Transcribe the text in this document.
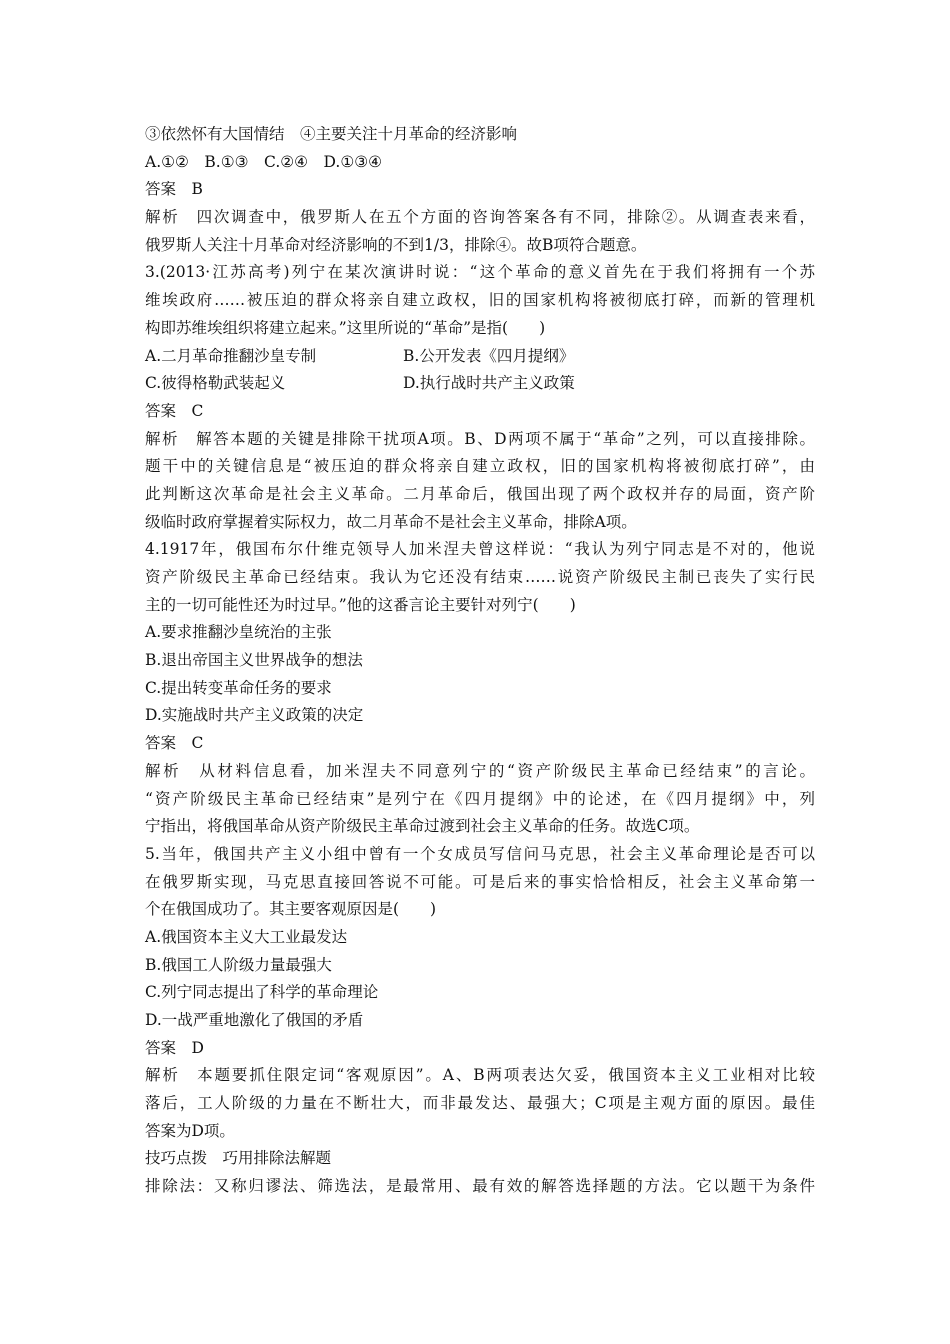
③依然怀有大国情结　④主要关注十月革命的经济影响
A.①②　B.①③　C.②④　D.①③④
答案　B
解析　四次调查中，俄罗斯人在五个方面的咨询答案各有不同，排除②。从调查表来看，
俄罗斯人关注十月革命对经济影响的不到1/3，排除④。故B项符合题意。
3.(2013·江苏高考)列宁在某次演讲时说：“这个革命的意义首先在于我们将拥有一个苏
维埃政府……被压迫的群众将亲自建立政权，旧的国家机构将被彻底打碎，而新的管理机
构即苏维埃组织将建立起来。”这里所说的“革命”是指(　　)
A.二月革命推翻沙皇专制	B.公开发表《四月提纲》
C.彼得格勒武装起义	D.执行战时共产主义政策
答案　C
解析　解答本题的关键是排除干扰项A项。B、D两项不属于“革命”之列，可以直接排除。
题干中的关键信息是“被压迫的群众将亲自建立政权，旧的国家机构将被彻底打碎”，由
此判断这次革命是社会主义革命。二月革命后，俄国出现了两个政权并存的局面，资产阶
级临时政府掌握着实际权力，故二月革命不是社会主义革命，排除A项。
4.1917年，俄国布尔什维克领导人加米涅夫曾这样说：“我认为列宁同志是不对的，他说
资产阶级民主革命已经结束。我认为它还没有结束……说资产阶级民主制已丧失了实行民
主的一切可能性还为时过早。”他的这番言论主要针对列宁(　　)
A.要求推翻沙皇统治的主张
B.退出帝国主义世界战争的想法
C.提出转变革命任务的要求
D.实施战时共产主义政策的决定
答案　C
解析　从材料信息看，加米涅夫不同意列宁的“资产阶级民主革命已经结束”的言论。
“资产阶级民主革命已经结束”是列宁在《四月提纲》中的论述，在《四月提纲》中，列
宁指出，将俄国革命从资产阶级民主革命过渡到社会主义革命的任务。故选C项。
5.当年，俄国共产主义小组中曾有一个女成员写信问马克思，社会主义革命理论是否可以
在俄罗斯实现，马克思直接回答说不可能。可是后来的事实恰恰相反，社会主义革命第一
个在俄国成功了。其主要客观原因是(　　)
A.俄国资本主义大工业最发达
B.俄国工人阶级力量最强大
C.列宁同志提出了科学的革命理论
D.一战严重地激化了俄国的矛盾
答案　D
解析　本题要抓住限定词“客观原因”。A、B两项表达欠妥，俄国资本主义工业相对比较
落后，工人阶级的力量在不断壮大，而非最发达、最强大；C项是主观方面的原因。最佳
答案为D项。
技巧点拨　巧用排除法解题
排除法：又称归谬法、筛选法，是最常用、最有效的解答选择题的方法。它以题干为条件
